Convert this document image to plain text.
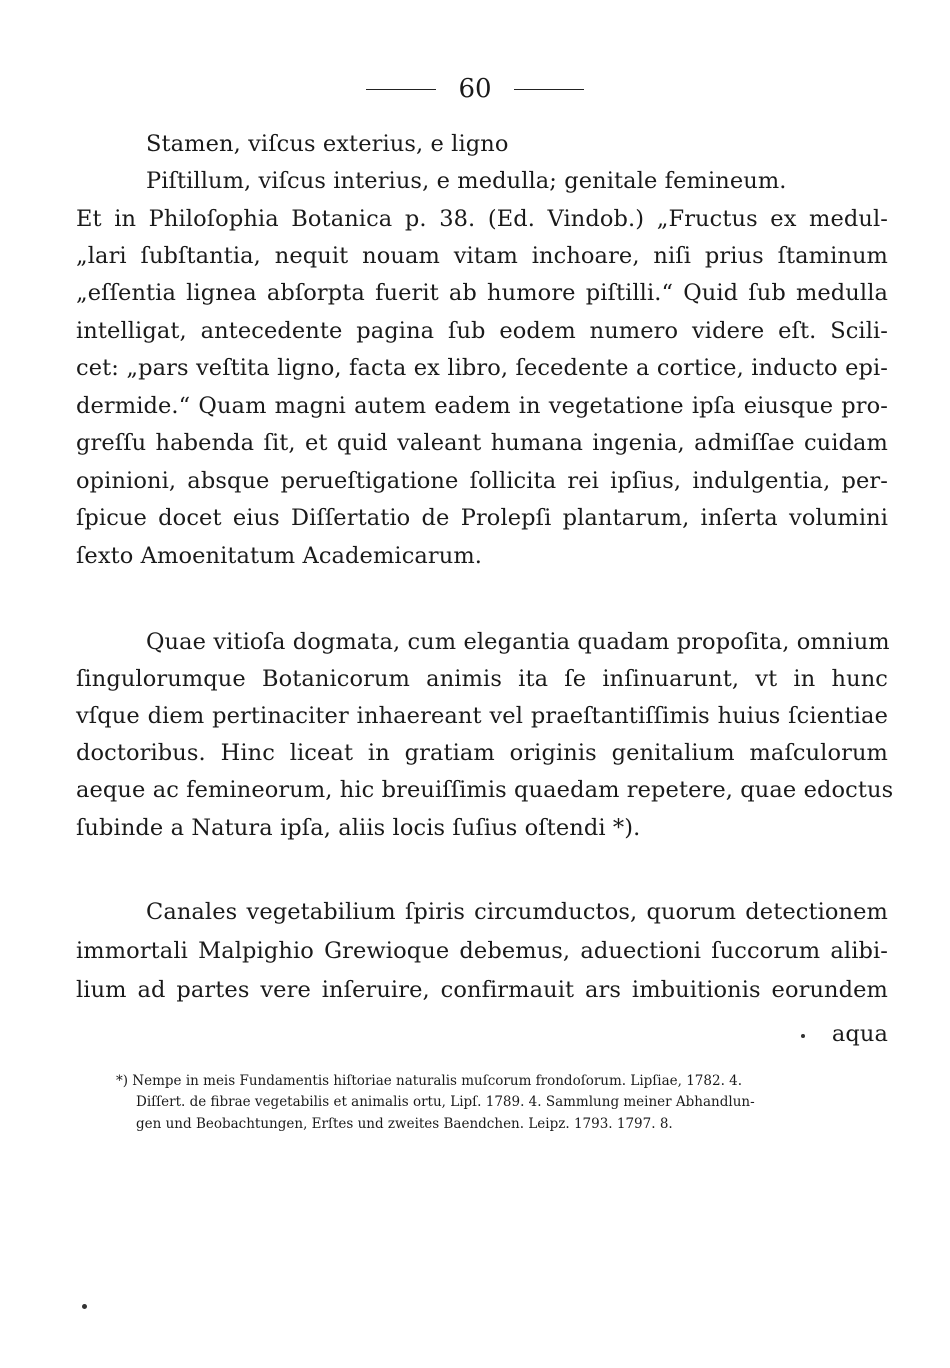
60
Stamen, viſcus exterius, e ligno
Piſtillum, viſcus interius, e medulla; genitale femineum.
Et in Philoſophia Botanica p. 38. (Ed. Vindob.) „Fructus ex medul-
„lari ſubſtantia, nequit nouam vitam inchoare, niſi prius ſtaminum
„eſſentia lignea abſorpta fuerit ab humore piſtilli.“ Quid ſub medulla
intelligat, antecedente pagina ſub eodem numero videre eſt. Scili-
cet: „pars veſtita ligno, facta ex libro, ſecedente a cortice, inducto epi-
dermide.“ Quam magni autem eadem in vegetatione ipſa eiusque pro-
greſſu habenda ſit, et quid valeant humana ingenia, admiſſae cuidam
opinioni, absque perueſtigatione ſollicita rei ipſius, indulgentia, per-
ſpicue docet eius Diſſertatio de Prolepſi plantarum, inſerta volumini
ſexto Amoenitatum Academicarum.
Quae vitioſa dogmata, cum elegantia quadam propoſita, omnium
ſingulorumque Botanicorum animis ita ſe inſinuarunt, vt in hunc
vſque diem pertinaciter inhaereant vel praeſtantiſſimis huius ſcientiae
doctoribus. Hinc liceat in gratiam originis genitalium maſculorum
aeque ac femineorum, hic breuiſſimis quaedam repetere, quae edoctus
ſubinde a Natura ipſa, aliis locis ſuſius oſtendi *).
Canales vegetabilium ſpiris circumductos, quorum detectionem
immortali Malpighio Grewioque debemus, aduectioni ſuccorum alibi-
lium ad partes vere inſeruire, confirmauit ars imbuitionis eorundem
aqua
*) Nempe in meis Fundamentis hiſtoriae naturalis muſcorum frondoſorum. Lipſiae, 1782. 4.
Diſſert. de fibrae vegetabilis et animalis ortu, Lipſ. 1789. 4. Sammlung meiner Abhandlun-
gen und Beobachtungen, Erſtes und zweites Baendchen. Leipz. 1793. 1797. 8.
